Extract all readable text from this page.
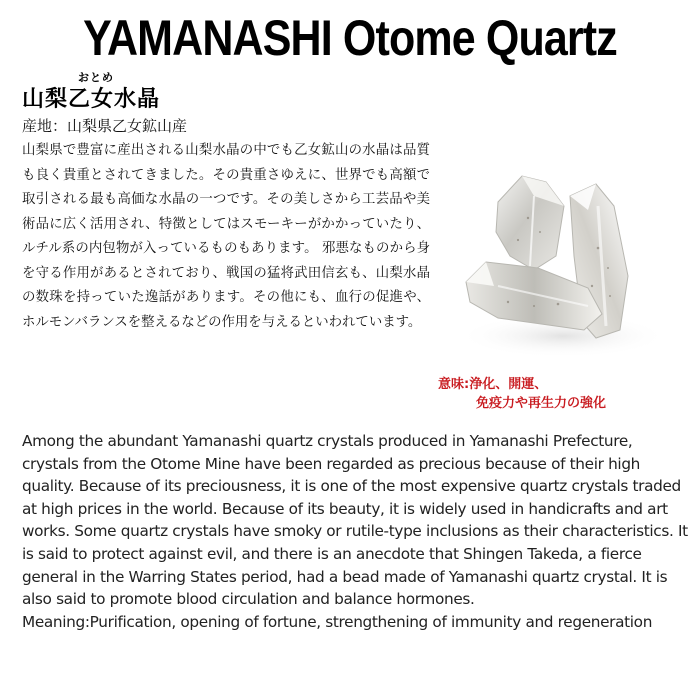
YAMANASHI Otome Quartz
おとめ
山梨乙女水晶
産地：山梨県乙女鉱山産
山梨県で豊富に産出される山梨水晶の中でも乙女鉱山の水晶は品質も良く貴重とされてきました。その貴重さゆえに、世界でも高額で取引される最も高価な水晶の一つです。その美しさから工芸品や美術品に広く活用され、特徴としてはスモーキーがかかっていたり、ルチル系の内包物が入っているものもあります。 邪悪なものから身を守る作用があるとされており、戦国の猛将武田信玄も、山梨水晶の数珠を持っていた逸話があります。その他にも、血行の促進や、ホルモンバランスを整えるなどの作用を与えるといわれています。
意味:浄化、開運、
免疫力や再生力の強化

Among the abundant Yamanashi quartz crystals produced in Yamanashi Prefecture, crystals from the Otome Mine have been regarded as precious because of their high quality. Because of its preciousness, it is one of the most expensive quartz crystals traded at high prices in the world. Because of its beauty, it is widely used in handicrafts and art works. Some quartz crystals have smoky or rutile-type inclusions as their characteristics. It is said to protect against evil, and there is an anecdote that Shingen Takeda, a fierce general in the Warring States period, had a bead made of Yamanashi quartz crystal. It is also said to promote blood circulation and balance hormones.

Meaning:Purification, opening of fortune, strengthening of immunity and regeneration
